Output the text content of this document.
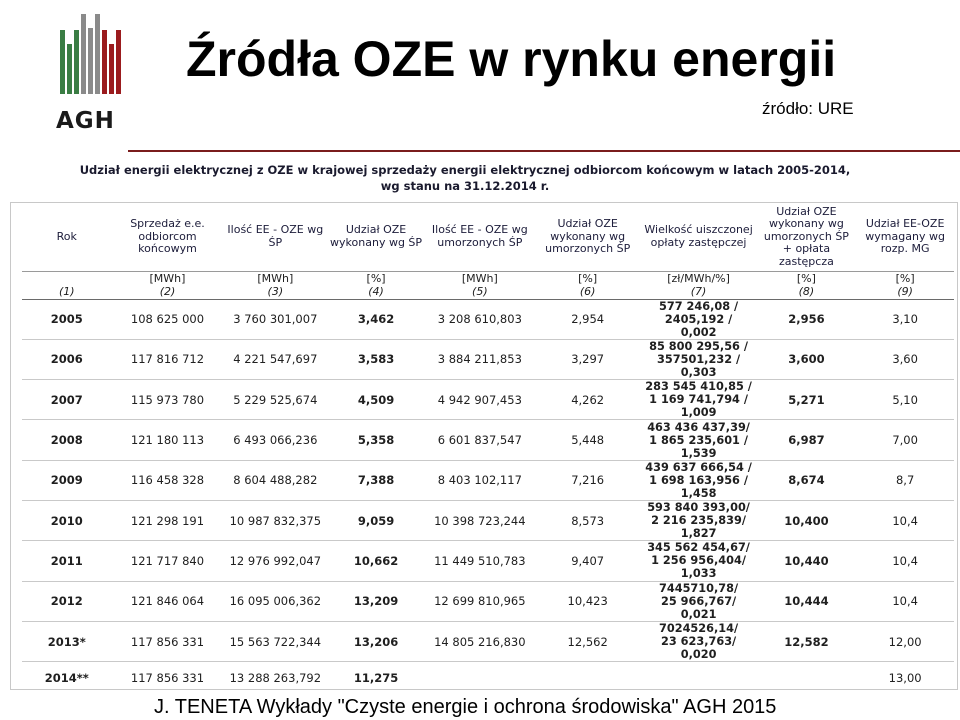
AGH
Źródła OZE w rynku energii
źródło: URE
Udział energii elektrycznej z OZE w krajowej sprzedaży energii elektrycznej odbiorcom końcowym w latach 2005-2014,
wg stanu na 31.12.2014 r.
Rok	Sprzedaż e.e. odbiorcom końcowym	Ilość EE - OZE wg ŚP	Udział OZE wykonany wg ŚP	Ilość EE - OZE wg umorzonych ŚP	Udział OZE wykonany wg umorzonych ŚP	Wielkość uiszczonej opłaty zastępczej	Udział OZE wykonany wg umorzonych ŚP + opłata zastępcza	Udział EE-OZE wymagany wg rozp. MG
	[MWh]	[MWh]	[%]	[MWh]	[%]	[zł/MWh/%]	[%]	[%]
(1)	(2)	(3)	(4)	(5)	(6)	(7)	(8)	(9)
2005	108 625 000	3 760 301,007	3,462	3 208 610,803	2,954	577 246,08 /
2405,192 /
0,002	2,956	3,10
2006	117 816 712	4 221 547,697	3,583	3 884 211,853	3,297	85 800 295,56 /
357501,232 /
0,303	3,600	3,60
2007	115 973 780	5 229 525,674	4,509	4 942 907,453	4,262	283 545 410,85 /
1 169 741,794 /
1,009	5,271	5,10
2008	121 180 113	6 493 066,236	5,358	6 601 837,547	5,448	463 436 437,39/
1 865 235,601 /
1,539	6,987	7,00
2009	116 458 328	8 604 488,282	7,388	8 403 102,117	7,216	439 637 666,54 /
1 698 163,956 /
1,458	8,674	8,7
2010	121 298 191	10 987 832,375	9,059	10 398 723,244	8,573	593 840 393,00/
2 216 235,839/
1,827	10,400	10,4
2011	121 717 840	12 976 992,047	10,662	11 449 510,783	9,407	345 562 454,67/
1 256 956,404/
1,033	10,440	10,4
2012	121 846 064	16 095 006,362	13,209	12 699 810,965	10,423	7445710,78/
25 966,767/
0,021	10,444	10,4
2013*	117 856 331	15 563 722,344	13,206	14 805 216,830	12,562	7024526,14/
23 623,763/
0,020	12,582	12,00
2014**	117 856 331	13 288 263,792	11,275					13,00
J. TENETA Wykłady "Czyste energie i ochrona środowiska" AGH 2015
